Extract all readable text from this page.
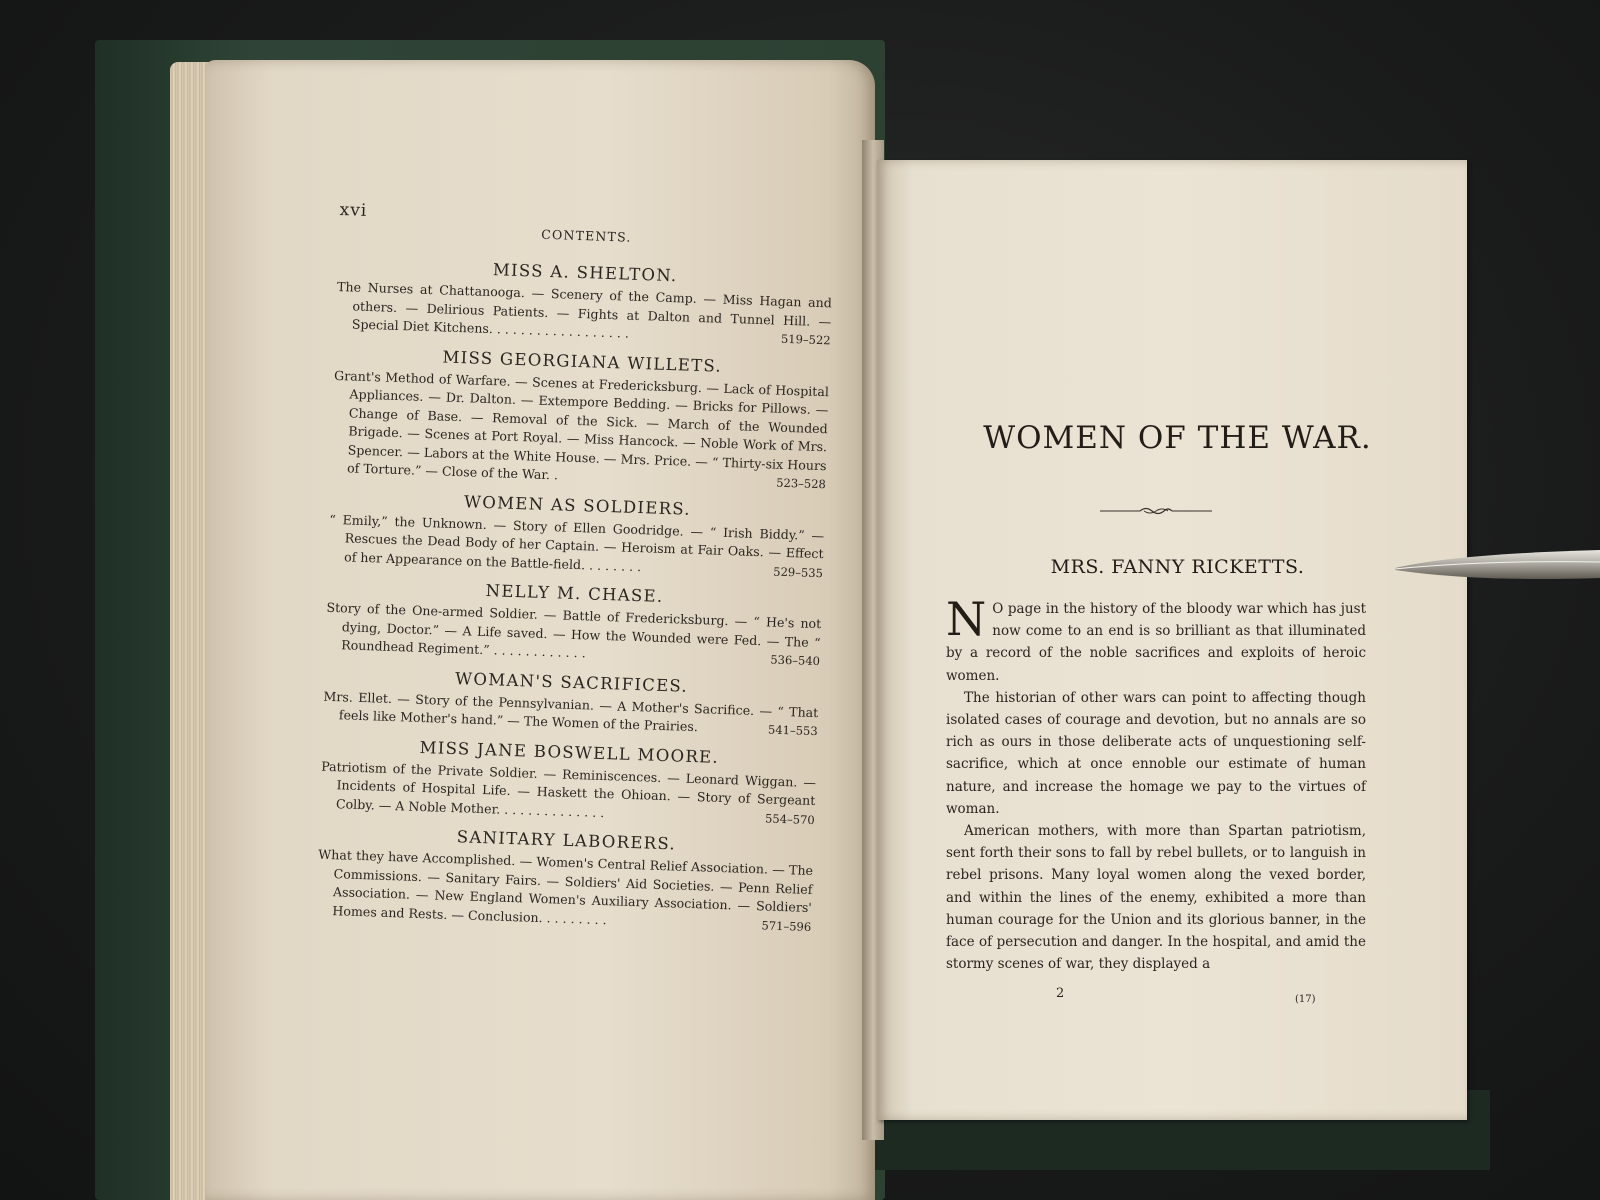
xvi
CONTENTS.
MISS A. SHELTON.

The Nurses at Chattanooga. — Scenery of the Camp. — Miss Hagan and others. — Delirious Patients. — Fights at Dalton and Tunnel Hill. — Special Diet Kitchens. . . . . . . . . . . . . . . . . .	519–522

MISS GEORGIANA WILLETS.

Grant's Method of Warfare. — Scenes at Fredericksburg. — Lack of Hospital Appliances. — Dr. Dalton. — Extempore Bedding. — Bricks for Pillows. — Change of Base. — Removal of the Sick. — March of the Wounded Brigade. — Scenes at Port Royal. — Miss Hancock. — Noble Work of Mrs. Spencer. — Labors at the White House. — Mrs. Price. — “ Thirty-six Hours of Torture.” — Close of the War. .
523–528

WOMEN AS SOLDIERS.

“ Emily,” the Unknown. — Story of Ellen Goodridge. — “ Irish Biddy.” — Rescues the Dead Body of her Captain. — Heroism at Fair Oaks. — Effect of her Appearance on the Battle-field. . . . . . . .	529–535

NELLY M. CHASE.

Story of the One-armed Soldier. — Battle of Fredericksburg. — “ He's not dying, Doctor.” — A Life saved. — How the Wounded were Fed. — The “ Roundhead Regiment.” . . . . . . . . . . . .	536–540

WOMAN'S SACRIFICES.

Mrs. Ellet. — Story of the Pennsylvanian. — A Mother's Sacrifice. — “ That feels like Mother's hand.” — The Women of the Prairies.	541–553

MISS JANE BOSWELL MOORE.

Patriotism of the Private Soldier. — Reminiscences. — Leonard Wiggan. — Incidents of Hospital Life. — Haskett the Ohioan. — Story of Sergeant Colby. — A Noble Mother. . . . . . . . . . . . . .	554–570

SANITARY LABORERS.

What they have Accomplished. — Women's Central Relief Association. — The Commissions. — Sanitary Fairs. — Soldiers' Aid Societies. — Penn Relief Association. — New England Women's Auxiliary Association. — Soldiers' Homes and Rests. — Conclusion. . . . . . . . .	571–596

WOMEN OF THE WAR.
MRS. FANNY RICKETTS.

N O page in the history of the bloody war which has just now come to an end is so brilliant as that illuminated by a record of the noble sacrifices and exploits of heroic women.

The historian of other wars can point to affecting though isolated cases of courage and devotion, but no annals are so rich as ours in those deliberate acts of unquestioning self-sacrifice, which at once ennoble our estimate of human nature, and increase the homage we pay to the virtues of woman.

American mothers, with more than Spartan patriotism, sent forth their sons to fall by rebel bullets, or to languish in rebel prisons. Many loyal women along the vexed border, and within the lines of the enemy, exhibited a more than human courage for the Union and its glorious banner, in the face of persecution and danger. In the hospital, and amid the stormy scenes of war, they displayed a

2	(17)
